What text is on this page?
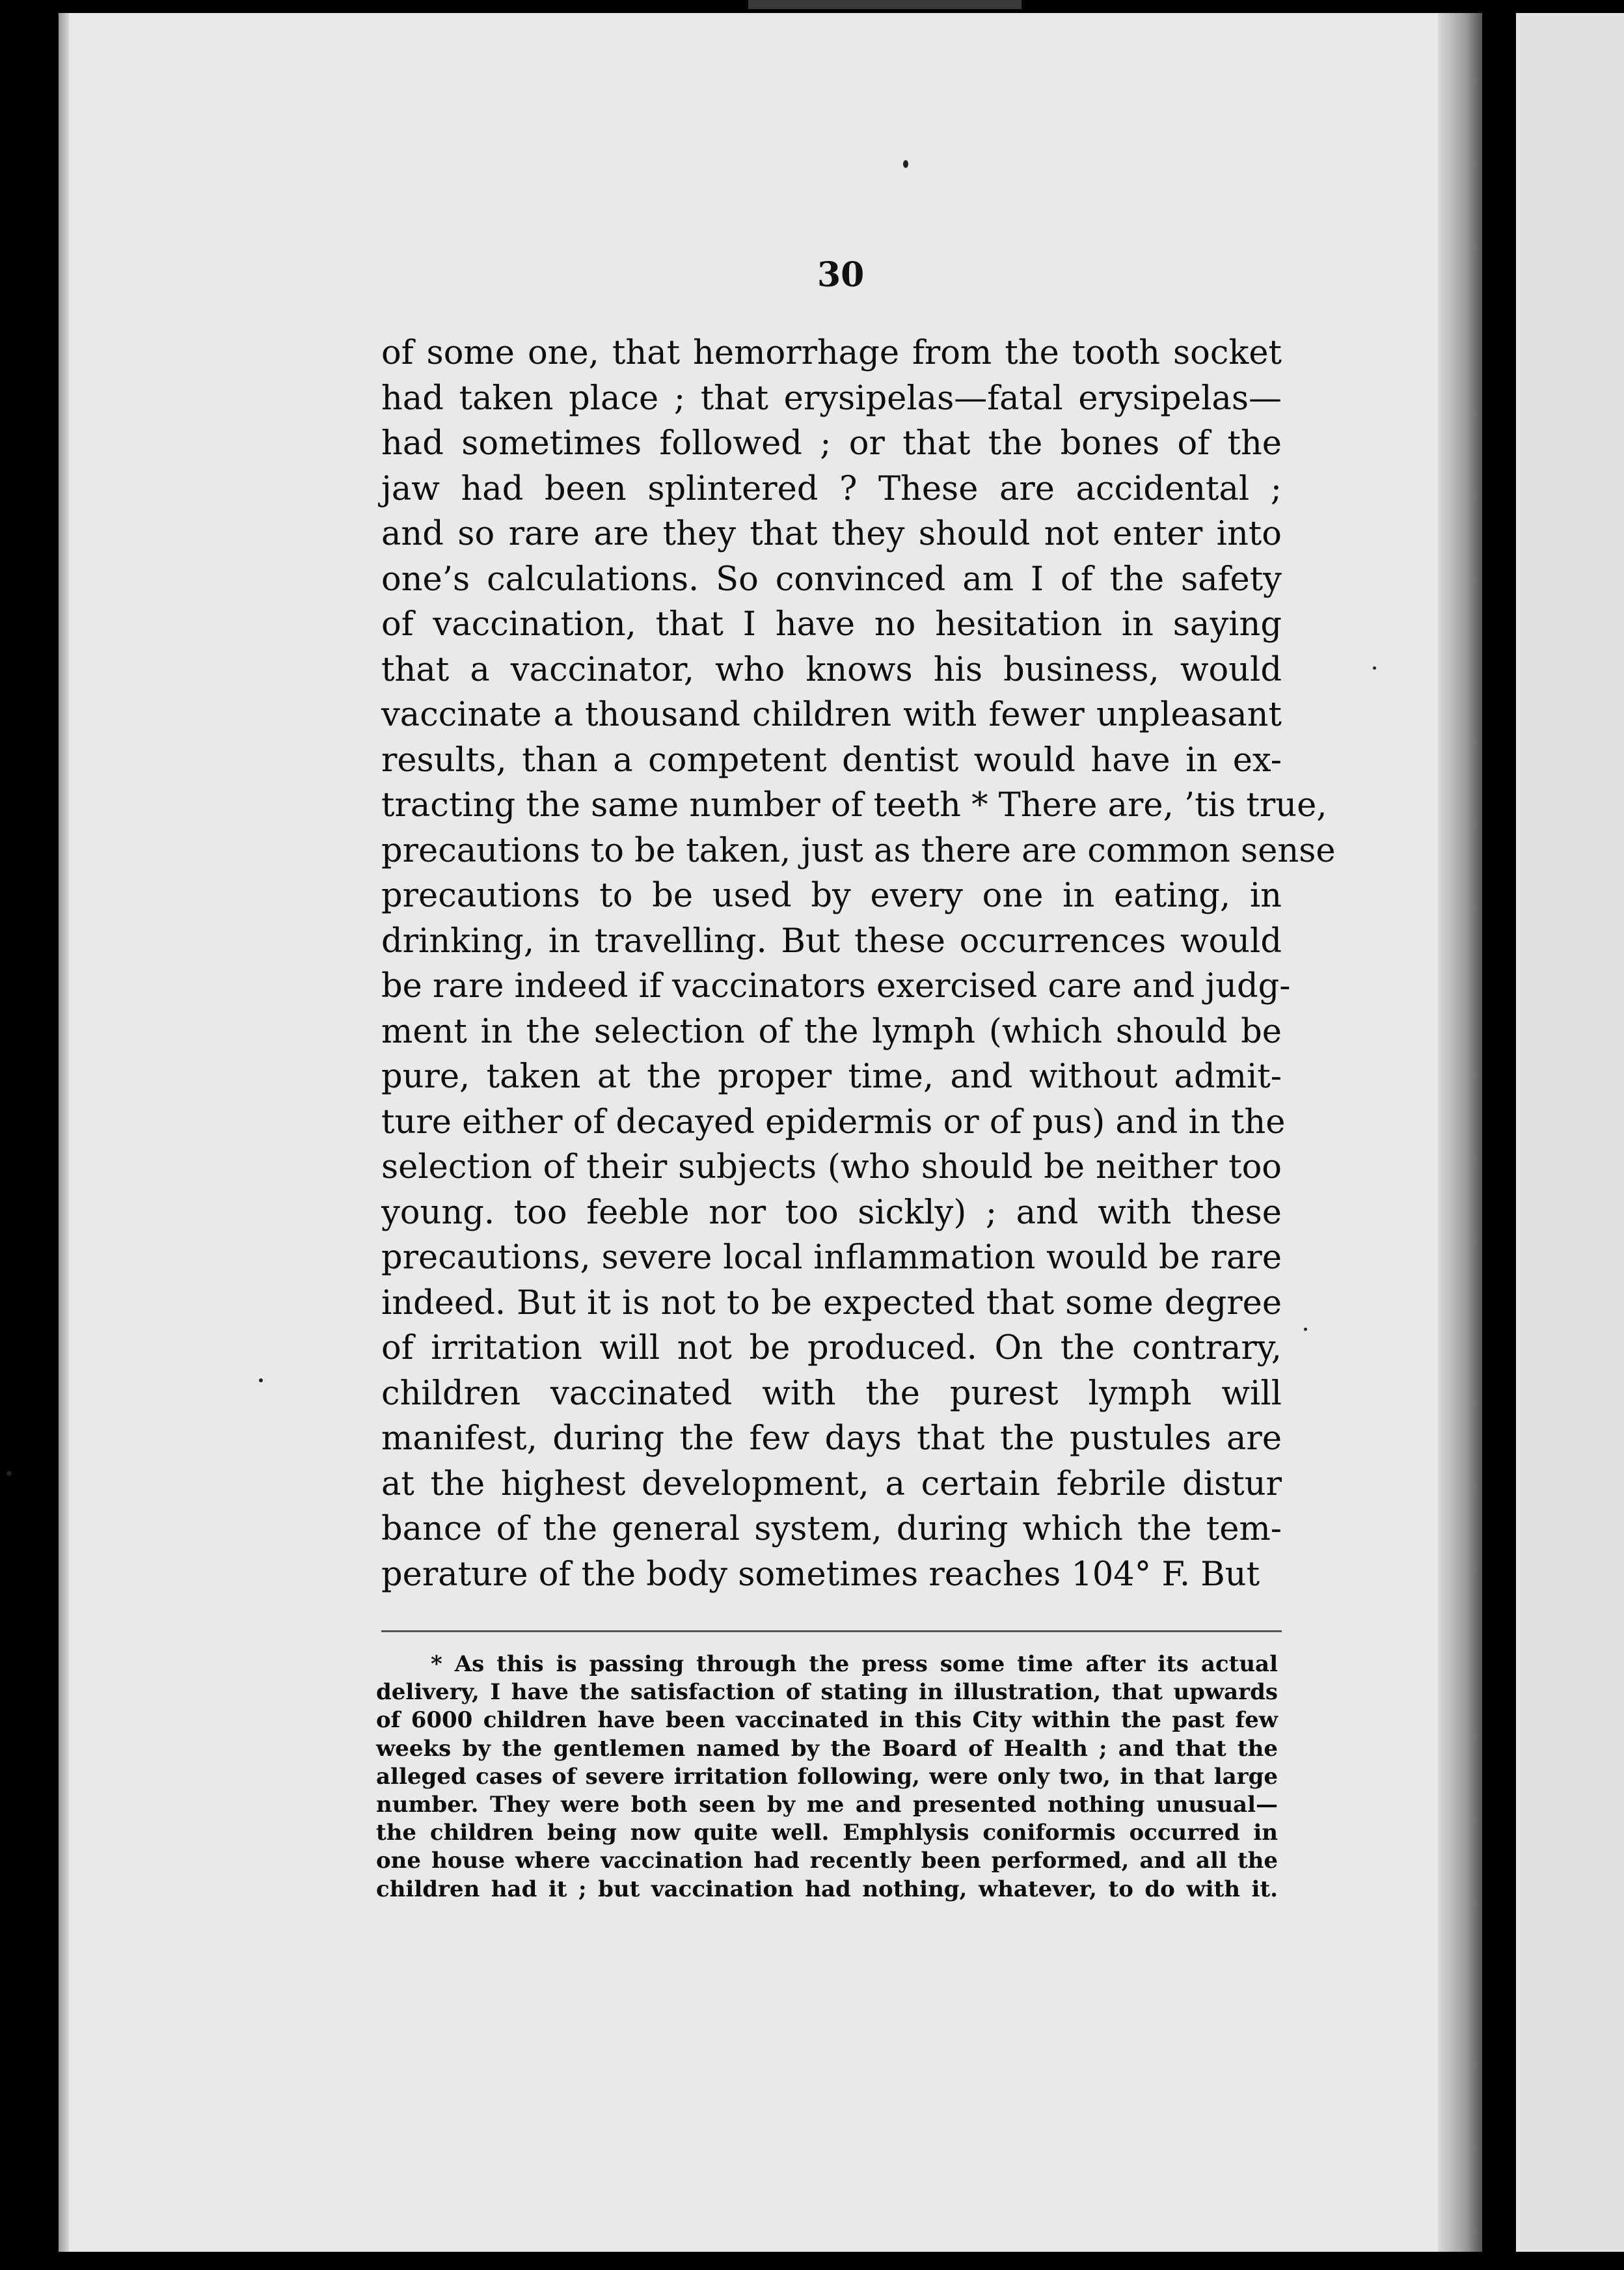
30
of some one, that hemorrhage from the tooth socket
had taken place ; that erysipelas—fatal erysipelas—
had sometimes followed ; or that the bones of the
jaw had been splintered ? These are accidental ;
and so rare are they that they should not enter into
one’s calculations. So convinced am I of the safety
of vaccination, that I have no hesitation in saying
that a vaccinator, who knows his business, would
vaccinate a thousand children with fewer unpleasant
results, than a competent dentist would have in ex-
tracting the same number of teeth * There are, ’tis true,
precautions to be taken, just as there are common sense
precautions to be used by every one in eating, in
drinking, in travelling. But these occurrences would
be rare indeed if vaccinators exercised care and judg-
ment in the selection of the lymph (which should be
pure, taken at the proper time, and without admit-
ture either of decayed epidermis or of pus) and in the
selection of their subjects (who should be neither too
young. too feeble nor too sickly) ; and with these
precautions, severe local inflammation would be rare
indeed. But it is not to be expected that some degree
of irritation will not be produced. On the contrary,
children vaccinated with the purest lymph will
manifest, during the few days that the pustules are
at the highest development, a certain febrile distur
bance of the general system, during which the tem-
perature of the body sometimes reaches 104° F. But
* As this is passing through the press some time after its actual
delivery, I have the satisfaction of stating in illustration, that upwards
of 6000 children have been vaccinated in this City within the past few
weeks by the gentlemen named by the Board of Health ; and that the
alleged cases of severe irritation following, were only two, in that large
number. They were both seen by me and presented nothing unusual—
the children being now quite well. Emphlysis coniformis occurred in
one house where vaccination had recently been performed, and all the
children had it ; but vaccination had nothing, whatever, to do with it.
